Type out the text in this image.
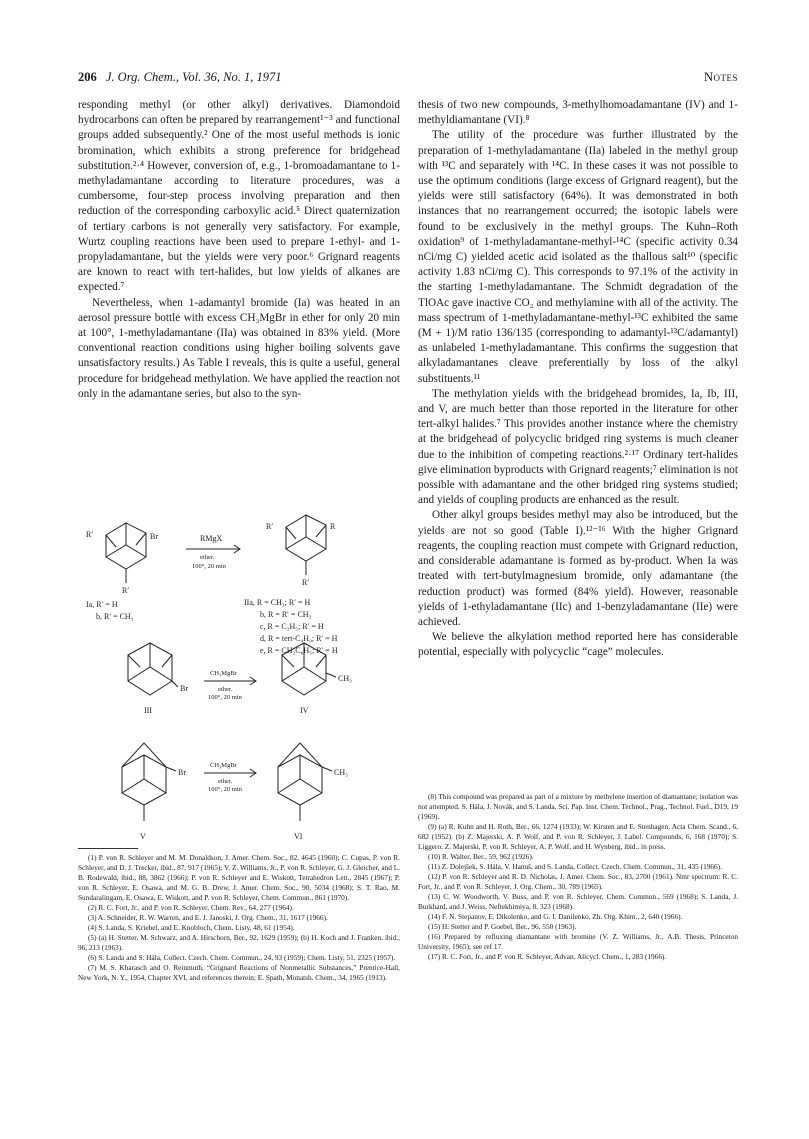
206 J. Org. Chem., Vol. 36, No. 1, 1971	Notes

responding methyl (or other alkyl) derivatives. Diamondoid hydrocarbons can often be prepared by rearrangement¹⁻³ and functional groups added subsequently.² One of the most useful methods is ionic bromination, which exhibits a strong preference for bridgehead substitution.²·⁴ However, conversion of, e.g., 1-bromoadamantane to 1-methyladamantane according to literature procedures, was a cumbersome, four-step process involving preparation and then reduction of the corresponding carboxylic acid.⁵ Direct quaternization of tertiary carbons is not generally very satisfactory. For example, Wurtz coupling reactions have been used to prepare 1-ethyl- and 1-propyladamantane, but the yields were very poor.⁶ Grignard reagents are known to react with tert-halides, but low yields of alkanes are expected.⁷

Nevertheless, when 1-adamantyl bromide (Ia) was heated in an aerosol pressure bottle with excess CH₃MgBr in ether for only 20 min at 100°, 1-methyladamantane (IIa) was obtained in 83% yield. (More conventional reaction conditions using higher boiling solvents gave unsatisfactory results.) As Table I reveals, this is quite a useful, general procedure for bridgehead methylation. We have applied the reaction not only in the adamantane series, but also to the syn-

thesis of two new compounds, 3-methylhomoadamantane (IV) and 1-methyldiamantane (VI).⁸

The utility of the procedure was further illustrated by the preparation of 1-methyladamantane (IIa) labeled in the methyl group with ¹³C and separately with ¹⁴C. In these cases it was not possible to use the optimum conditions (large excess of Grignard reagent), but the yields were still satisfactory (64%). It was demonstrated in both instances that no rearrangement occurred; the isotopic labels were found to be exclusively in the methyl groups. The Kuhn–Roth oxidation⁹ of 1-methyladamantane-methyl-¹⁴C (specific activity 0.34 nCi/mg C) yielded acetic acid isolated as the thallous salt¹⁰ (specific activity 1.83 nCi/mg C). This corresponds to 97.1% of the activity in the starting 1-methyladamantane. The Schmidt degradation of the TlOAc gave inactive CO₂ and methylamine with all of the activity. The mass spectrum of 1-methyladamantane-methyl-¹³C exhibited the same (M + 1)/M ratio 136/135 (corresponding to adamantyl-¹³C/adamantyl) as unlabeled 1-methyladamantane. This confirms the suggestion that alkyladamantanes cleave preferentially by loss of the alkyl substituents.¹¹

The methylation yields with the bridgehead bromides, Ia, Ib, III, and V, are much better than those reported in the literature for other tert-alkyl halides.⁷ This provides another instance where the chemistry at the bridgehead of polycyclic bridged ring systems is much cleaner due to the inhibition of competing reactions.²·¹⁷ Ordinary tert-halides give elimination byproducts with Grignard reagents;⁷ elimination is not possible with adamantane and the other bridged ring systems studied; and yields of coupling products are enhanced as the result.

Other alkyl groups besides methyl may also be introduced, but the yields are not so good (Table I).¹²⁻¹⁶ With the higher Grignard reagents, the coupling reaction must compete with Grignard reduction, and considerable adamantane is formed as by-product. When Ia was treated with tert-butylmagnesium bromide, only adamantane (the reduction product) was formed (84% yield). However, reasonable yields of 1-ethyladamantane (IIc) and 1-benzyladamantane (IIe) were achieved.

We believe the alkylation method reported here has considerable potential, especially with polycyclic “cage” molecules.

R′	Br
R′
RMgX
ether.
100°, 20 min
R′	R
R′
Ia, R′ = H
b, R′ = CH₃
IIa, R = CH₃; R′ = H
b, R = R′ = CH₃
c, R = C₂H₅; R′ = H
d, R = tert-C₄H₉; R′ = H
e, R = CH₂C₆H₅; R′ = H
Br
CH₃MgBr
ether.
100°, 20 min
CH₃
III	IV
Br
CH₃MgBr
ether.
100°, 20 min
CH₃
V	VI

(1) P. von R. Schleyer and M. M. Donaldson, J. Amer. Chem. Soc., 82, 4645 (1960); C. Cupas, P. von R. Schleyer, and D. J. Trecker, ibid., 87, 917 (1965); V. Z. Williams, Jr., P. von R. Schleyer, G. J. Gleicher, and L. B. Rodewald, ibid., 88, 3862 (1966); P. von R. Schleyer and E. Wiskott, Tetrahedron Lett., 2845 (1967); P. von R. Schleyer, E. Osawa, and M. G. B. Drew, J. Amer. Chem. Soc., 90, 5034 (1968); S. T. Rao, M. Sundaralingam, E. Osawa, E. Wiskott, and P. von R. Schleyer, Chem. Commun., 861 (1970).

(2) R. C. Fort, Jr., and P. von R. Schleyer, Chem. Rev., 64, 277 (1964).

(3) A. Schneider, R. W. Warren, and E. J. Janoski, J. Org. Chem., 31, 1617 (1966).

(4) S. Landa, S. Kriebel, and E. Knobloch, Chem. Listy, 48, 61 (1954).

(5) (a) H. Stetter, M. Schwarz, and A. Hirschorn, Ber., 92, 1629 (1959); (b) H. Koch and J. Franken, ibid., 96, 213 (1963).

(6) S. Landa and S. Hála, Collect. Czech. Chem. Commun., 24, 93 (1959); Chem. Listy, 51, 2325 (1957).

(7) M. S. Kharasch and O. Reinmuth, “Grignard Reactions of Nonmetallic Substances,” Prentice-Hall, New York, N. Y., 1954, Chapter XVI, and references therein; E. Spath, Monatsh. Chem., 34, 1965 (1913).

(8) This compound was prepared as part of a mixture by methylene insertion of diamantane; isolation was not attempted. S. Hála, J. Novák, and S. Landa, Sci. Pap. Inst. Chem. Technol., Prag., Technol. Fuel., D19, 19 (1969).

(9) (a) R. Kuhn and H. Roth, Ber., 66, 1274 (1933); W. Kirsten and E. Stenhagen, Acta Chem. Scand., 6, 682 (1952). (b) Z. Majerski, A. P. Wolf, and P. von R. Schleyer, J. Label. Compounds, 6, 168 (1970); S. Liggero, Z. Majerski, P. von R. Schleyer, A. P. Wolf, and H. Wynberg, ibid., in press.

(10) R. Walter, Ber., 59, 962 (1926).

(11) Z. Dolejšek, S. Hála, V. Hanuš, and S. Landa, Collect. Czech. Chem. Commun., 31, 435 (1966).

(12) P. von R. Schleyer and R. D. Nicholas, J. Amer. Chem. Soc., 83, 2700 (1961). Nmr spectrum: R. C. Fort, Jr., and P. von R. Schleyer, J. Org. Chem., 30, 789 (1965).

(13) C. W. Woodworth, V. Buss, and P. von R. Schleyer, Chem. Commun., 569 (1968); S. Landa, J. Burkhard, and J. Weiss, Neftekhimiya, 8, 323 (1968).

(14) F. N. Stepanov, E. Dikolenko, and G. I. Danilenko, Zh. Org. Khim., 2, 640 (1966).

(15) H. Stetter and P. Goebel, Ber., 96, 550 (1963).

(16) Prepared by refluxing diamantane with bromine (V. Z. Williams, Jr., A.B. Thesis, Princeton University, 1965); see ref 17.

(17) R. C. Fort, Jr., and P. von R. Schleyer, Advan. Alicycl. Chem., 1, 283 (1966).
